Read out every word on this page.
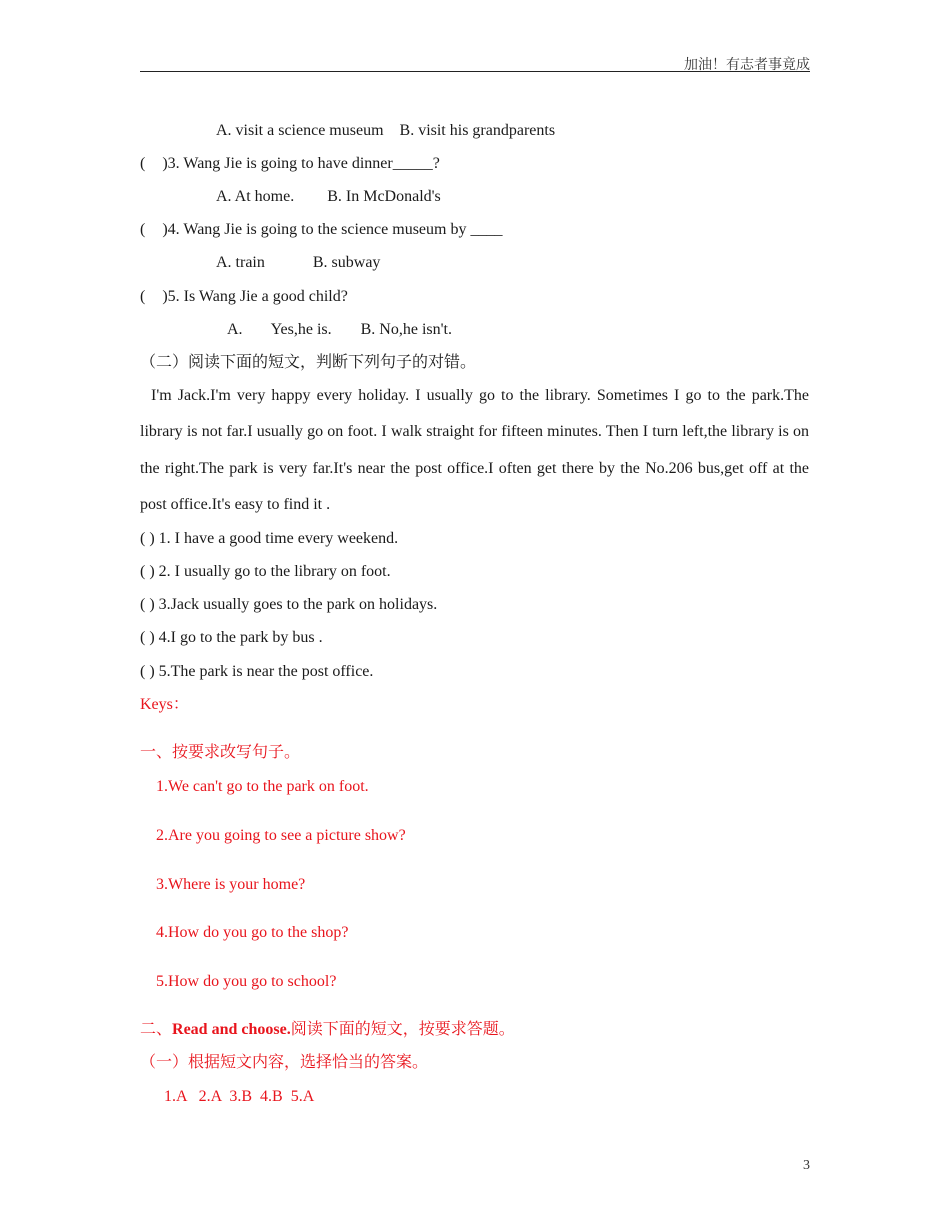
加油！有志者事竟成
A. visit a science museum B. visit his grandparents
( )3. Wang Jie is going to have dinner_____?
A. At home. B. In McDonald's
( )4. Wang Jie is going to the science museum by ____
A. train	B. subway
( )5. Is Wang Jie a good child?
A. Yes,he is. B. No,he isn't.
（二）阅读下面的短文，判断下列句子的对错。
I'm Jack.I'm very happy every holiday. I usually go to the library. Sometimes I go to the park.The library is not far.I usually go on foot. I walk straight for fifteen minutes. Then I turn left,the library is on the right.The park is very far.It's near the post office.I often get there by the No.206 bus,get off at the post office.It's easy to find it .
( ) 1. I have a good time every weekend.
( ) 2. I usually go to the library on foot.
( ) 3.Jack usually goes to the park on holidays.
( ) 4.I go to the park by bus .
( ) 5.The park is near the post office.
Keys：
一、按要求改写句子。
1.We can't go to the park on foot.
2.Are you going to see a picture show?
3.Where is your home?
4.How do you go to the shop?
5.How do you go to school?
二、Read and choose.阅读下面的短文，按要求答题。
（一）根据短文内容，选择恰当的答案。
1.A   2.A  3.B  4.B  5.A
3
